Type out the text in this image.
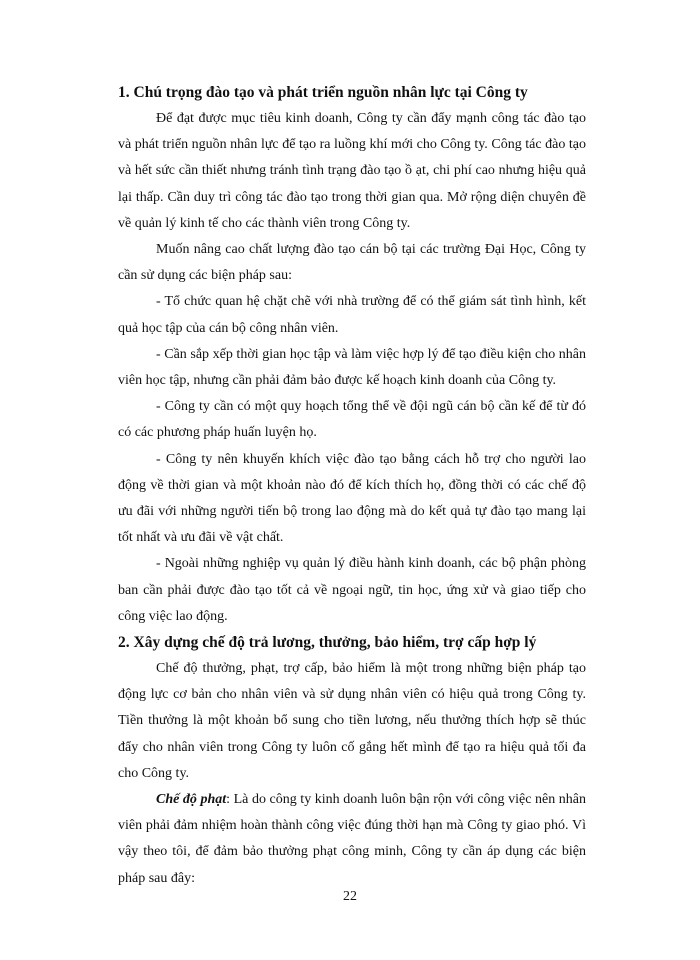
1. Chú trọng đào tạo và phát triển nguồn nhân lực tại Công ty

Để đạt được mục tiêu kinh doanh, Công ty cần đẩy mạnh công tác đào tạo và phát triển nguồn nhân lực để tạo ra luồng khí mới cho Công ty. Công tác đào tạo và hết sức cần thiết nhưng tránh tình trạng đào tạo ồ ạt, chi phí cao nhưng hiệu quả lại thấp. Cần duy trì công tác đào tạo trong thời gian qua. Mở rộng diện chuyên đề về quản lý kinh tế cho các thành viên trong Công ty.

Muốn nâng cao chất lượng đào tạo cán bộ tại các trường Đại Học, Công ty cần sử dụng các biện pháp sau:

- Tổ chức quan hệ chặt chẽ với nhà trường để có thể giám sát tình hình, kết quả học tập của cán bộ công nhân viên.

- Cần sắp xếp thời gian học tập và làm việc hợp lý để tạo điều kiện cho nhân viên học tập, nhưng cần phải đảm bảo được kế hoạch kinh doanh của Công ty.

- Công ty cần có một quy hoạch tổng thể về đội ngũ cán bộ cần kế để từ đó có các phương pháp huấn luyện họ.

- Công ty nên khuyến khích việc đào tạo bằng cách hỗ trợ cho người lao động về thời gian và một khoản nào đó để kích thích họ, đồng thời có các chế độ ưu đãi với những người tiến bộ trong lao động mà do kết quả tự đào tạo mang lại tốt nhất và ưu đãi về vật chất.

- Ngoài những nghiệp vụ quản lý điều hành kinh doanh, các bộ phận phòng ban cần phải được đào tạo tốt cả về ngoại ngữ, tin học, ứng xử và giao tiếp cho công việc lao động.

2. Xây dựng chế độ trả lương, thưởng, bảo hiểm, trợ cấp hợp lý

Chế độ thưởng, phạt, trợ cấp, bảo hiểm là một trong những biện pháp tạo động lực cơ bản cho nhân viên và sử dụng nhân viên có hiệu quả trong Công ty. Tiền thưởng là một khoản bổ sung cho tiền lương, nếu thưởng thích hợp sẽ thúc đẩy cho nhân viên trong Công ty luôn cố gắng hết mình để tạo ra hiệu quả tối đa cho Công ty.

Chế độ phạt: Là do công ty kinh doanh luôn bận rộn với công việc nên nhân viên phải đảm nhiệm hoàn thành công việc đúng thời hạn mà Công ty giao phó. Vì vậy theo tôi, để đảm bảo thưởng phạt công minh, Công ty cần áp dụng các biện pháp sau đây:

22
